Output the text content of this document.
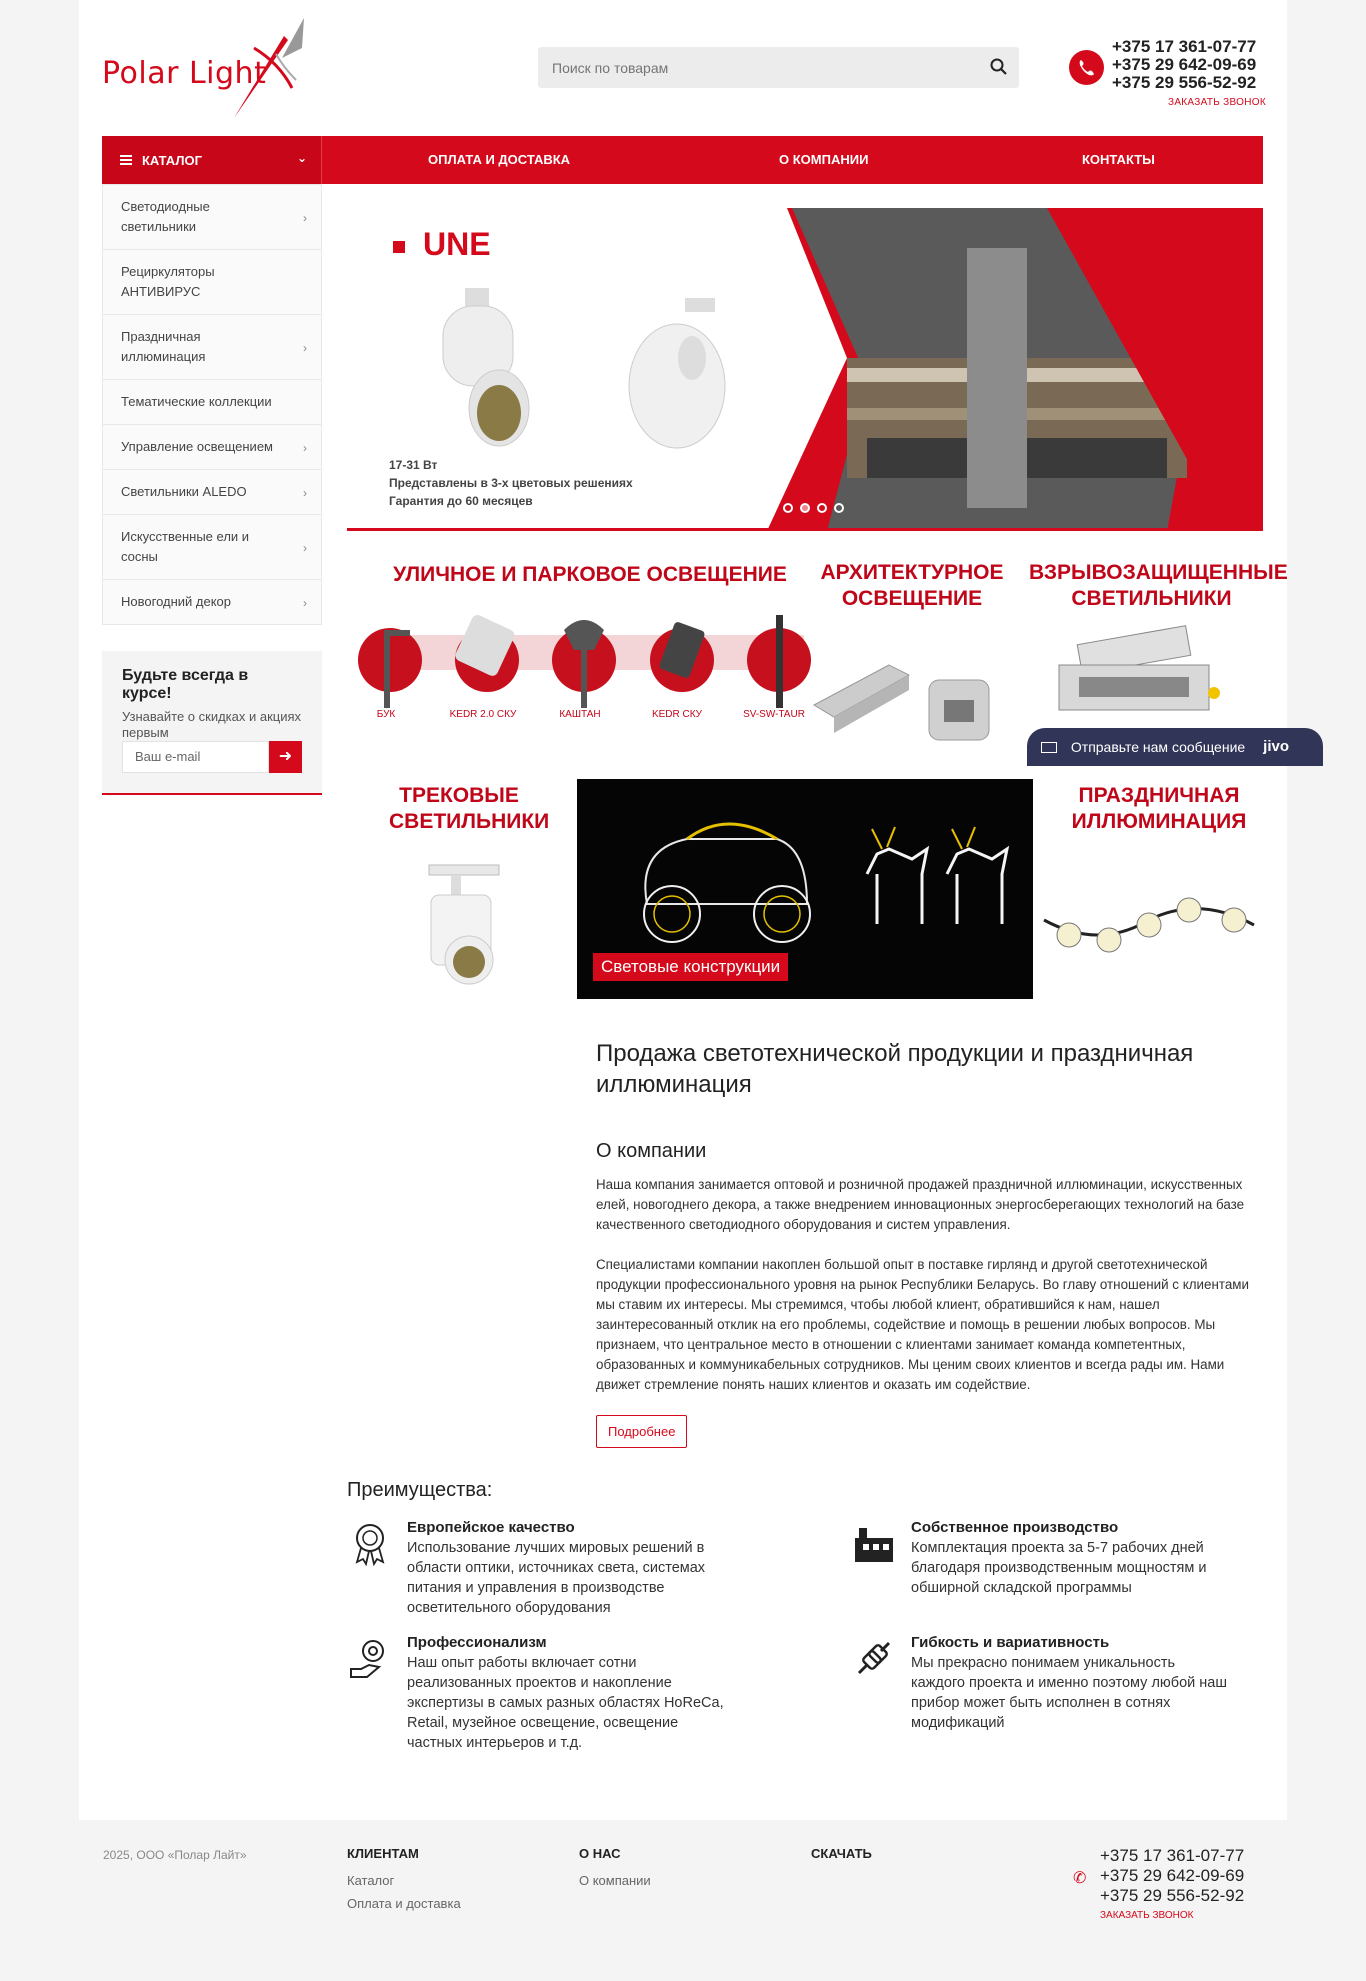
Polar Light
Поиск по товарам
+375 17 361-07-77
+375 29 642-09-69
+375 29 556-52-92
ЗАКАЗАТЬ ЗВОНОК
КАТАЛОГ	⌄	ОПЛАТА И ДОСТАВКА	О КОМПАНИИ	КОНТАКТЫ
Светодиодные светильники
›
Рециркуляторы АНТИВИРУС
Праздничная иллюминация
›
Тематические коллекции
Управление освещением	›
Светильники ALEDO	›
Искусственные ели и сосны
›
Новогодний декор	›
Будьте всегда в курсе!

Узнавайте о скидках и акциях первым

Ваш e-mail	➜
UNE
17-31 Вт
Представлены в 3-х цветовых решениях
Гарантия до 60 месяцев
УЛИЧНОЕ И ПАРКОВОЕ ОСВЕЩЕНИЕ
БУК	KEDR 2.0 СКУ	КАШТАН	KEDR СКУ	SV-SW-TAUR
АРХИТЕКТУРНОЕ ОСВЕЩЕНИЕ
ВЗРЫВОЗАЩИЩЕННЫЕ СВЕТИЛЬНИКИ
ТРЕКОВЫЕ СВЕТИЛЬНИКИ
Световые конструкции
ПРАЗДНИЧНАЯ ИЛЛЮМИНАЦИЯ
Продажа светотехнической продукции и праздничная иллюминация
О компании

Наша компания занимается оптовой и розничной продажей праздничной иллюминации, искусственных елей, новогоднего декора, а также внедрением инновационных энергосберегающих технологий на базе качественного светодиодного оборудования и систем управления.

Специалистами компании накоплен большой опыт в поставке гирлянд и другой светотехнической продукции профессионального уровня на рынок Республики Беларусь. Во главу отношений с клиентами мы ставим их интересы. Мы стремимся, чтобы любой клиент, обратившийся к нам, нашел заинтересованный отклик на его проблемы, содействие и помощь в решении любых вопросов. Мы признаем, что центральное место в отношении с клиентами занимает команда компетентных, образованных и коммуникабельных сотрудников. Мы ценим своих клиентов и всегда рады им. Нами движет стремление понять наших клиентов и оказать им содействие.

Подробнее
Преимущества:
Европейское качество

Использование лучших мировых решений в области оптики, источниках света, системах питания и управления в производстве осветительного оборудования

Собственное производство

Комплектация проекта за 5-7 рабочих дней благодаря производственным мощностям и обширной складской программы

Профессионализм

Наш опыт работы включает сотни реализованных проектов и накопление экспертизы в самых разных областях HoReCa, Retail, музейное освещение, освещение частных интерьеров и т.д.

Гибкость и вариативность

Мы прекрасно понимаем уникальность каждого проекта и именно поэтому любой наш прибор может быть исполнен в сотнях модификаций

Отправьте нам сообщение jivo
2025, ООО «Полар Лайт»	КЛИЕНТАМ
Каталог
Оплата и доставка
О НАС
О компании
СКАЧАТЬ
✆
+375 17 361-07-77
+375 29 642-09-69
+375 29 556-52-92
ЗАКАЗАТЬ ЗВОНОК
